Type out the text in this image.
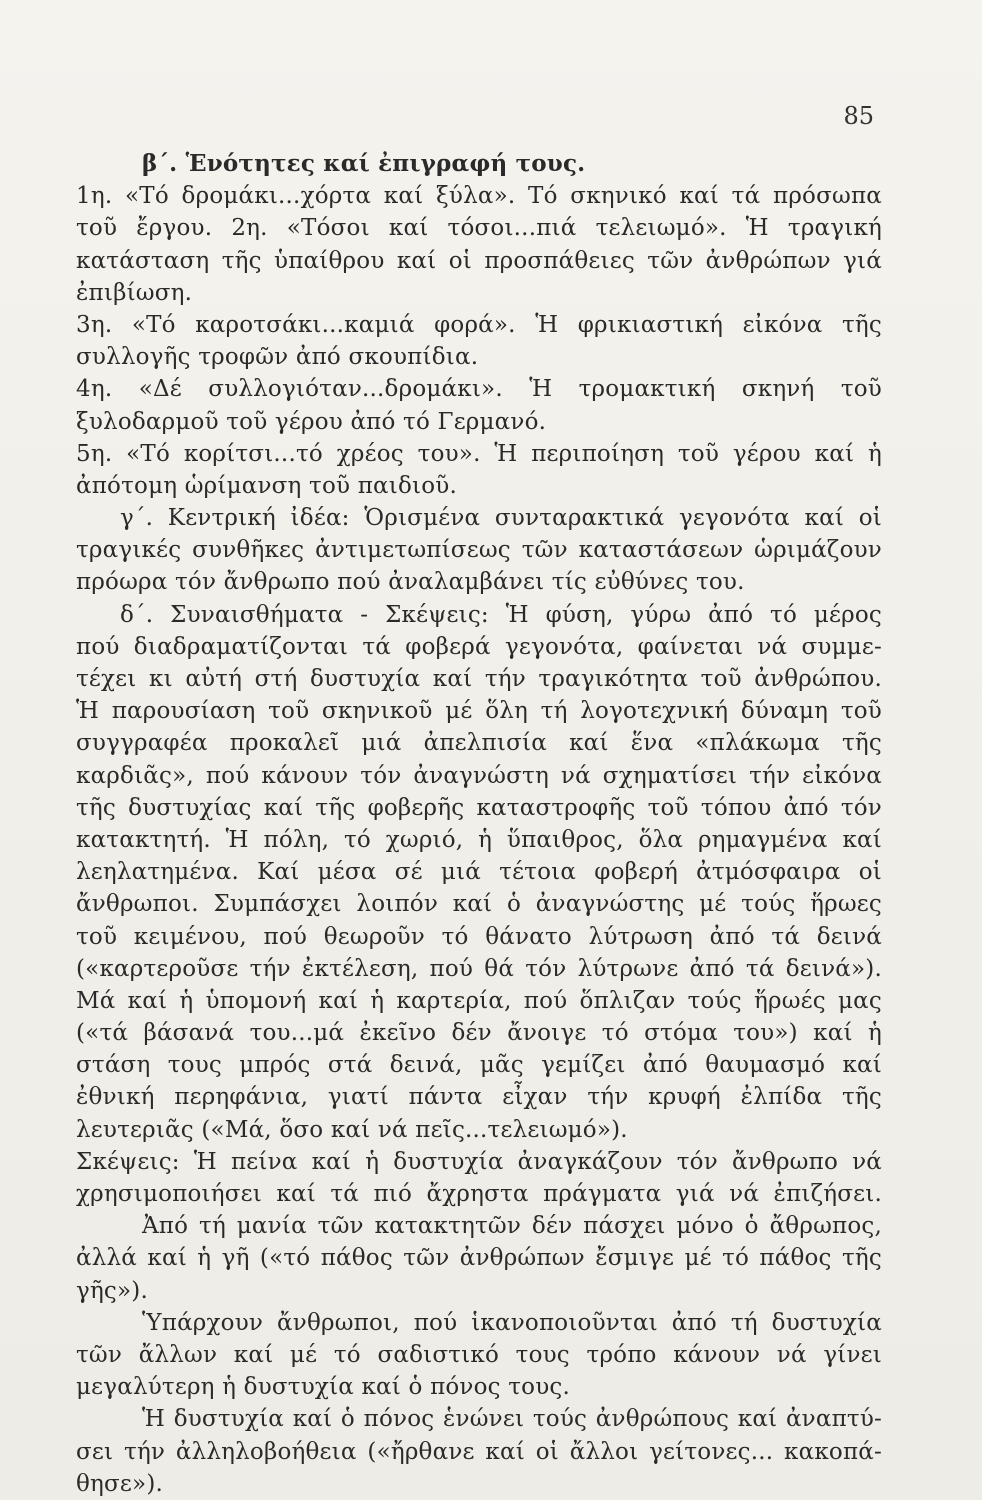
85
β΄. Ἑνότητες καί ἐπιγραφή τους.
1η. «Τό δρομάκι...χόρτα καί ξύλα». Τό σκηνικό καί τά πρόσωπα
τοῦ ἔργου. 2η. «Τόσοι καί τόσοι...πιά τελειωμό». Ἡ τραγική
κατάσταση τῆς ὑπαίθρου καί οἱ προσπάθειες τῶν ἀνθρώπων γιά
ἐπιβίωση.
3η. «Τό καροτσάκι...καμιά φορά». Ἡ φρικιαστική εἰκόνα τῆς
συλλογῆς τροφῶν ἀπό σκουπίδια.
4η. «Δέ συλλογιόταν...δρομάκι». Ἡ τρομακτική σκηνή τοῦ
ξυλοδαρμοῦ τοῦ γέρου ἀπό τό Γερμανό.
5η. «Τό κορίτσι...τό χρέος του». Ἡ περιποίηση τοῦ γέρου καί ἡ
ἀπότομη ὡρίμανση τοῦ παιδιοῦ.
γ΄. Κεντρική ἰδέα: Ὁρισμένα συνταρακτικά γεγονότα καί οἱ
τραγικές συνθῆκες ἀντιμετωπίσεως τῶν καταστάσεων ὡριμάζουν
πρόωρα τόν ἄνθρωπο πού ἀναλαμβάνει τίς εὐθύνες του.
δ΄. Συναισθήματα - Σκέψεις: Ἡ φύση, γύρω ἀπό τό μέρος
πού διαδραματίζονται τά φοβερά γεγονότα, φαίνεται νά συμμε-
τέχει κι αὐτή στή δυστυχία καί τήν τραγικότητα τοῦ ἀνθρώπου.
Ἡ παρουσίαση τοῦ σκηνικοῦ μέ ὅλη τή λογοτεχνική δύναμη τοῦ
συγγραφέα προκαλεῖ μιά ἀπελπισία καί ἕνα «πλάκωμα τῆς
καρδιᾶς», πού κάνουν τόν ἀναγνώστη νά σχηματίσει τήν εἰκόνα
τῆς δυστυχίας καί τῆς φοβερῆς καταστροφῆς τοῦ τόπου ἀπό τόν
κατακτητή. Ἡ πόλη, τό χωριό, ἡ ὕπαιθρος, ὅλα ρημαγμένα καί
λεηλατημένα. Καί μέσα σέ μιά τέτοια φοβερή ἀτμόσφαιρα οἱ
ἄνθρωποι. Συμπάσχει λοιπόν καί ὁ ἀναγνώστης μέ τούς ἥρωες
τοῦ κειμένου, πού θεωροῦν τό θάνατο λύτρωση ἀπό τά δεινά
(«καρτεροῦσε τήν ἐκτέλεση, πού θά τόν λύτρωνε ἀπό τά δεινά»).
Μά καί ἡ ὑπομονή καί ἡ καρτερία, πού ὅπλιζαν τούς ἥρωές μας
(«τά βάσανά του...μά ἐκεῖνο δέν ἄνοιγε τό στόμα του») καί ἡ
στάση τους μπρός στά δεινά, μᾶς γεμίζει ἀπό θαυμασμό καί
ἐθνική περηφάνια, γιατί πάντα εἶχαν τήν κρυφή ἐλπίδα τῆς
λευτεριᾶς («Μά, ὅσο καί νά πεῖς...τελειωμό»).
Σκέψεις: Ἡ πείνα καί ἡ δυστυχία ἀναγκάζουν τόν ἄνθρωπο νά
χρησιμοποιήσει καί τά πιό ἄχρηστα πράγματα γιά νά ἐπιζήσει.
Ἀπό τή μανία τῶν κατακτητῶν δέν πάσχει μόνο ὁ ἄθρωπος,
ἀλλά καί ἡ γῆ («τό πάθος τῶν ἀνθρώπων ἔσμιγε μέ τό πάθος τῆς
γῆς»).
Ὑπάρχουν ἄνθρωποι, πού ἱκανοποιοῦνται ἀπό τή δυστυχία
τῶν ἄλλων καί μέ τό σαδιστικό τους τρόπο κάνουν νά γίνει
μεγαλύτερη ἡ δυστυχία καί ὁ πόνος τους.
Ἡ δυστυχία καί ὁ πόνος ἑνώνει τούς ἀνθρώπους καί ἀναπτύ-
σει τήν ἀλληλοβοήθεια («ἤρθανε καί οἱ ἄλλοι γείτονες... κακοπά-
θησε»).
